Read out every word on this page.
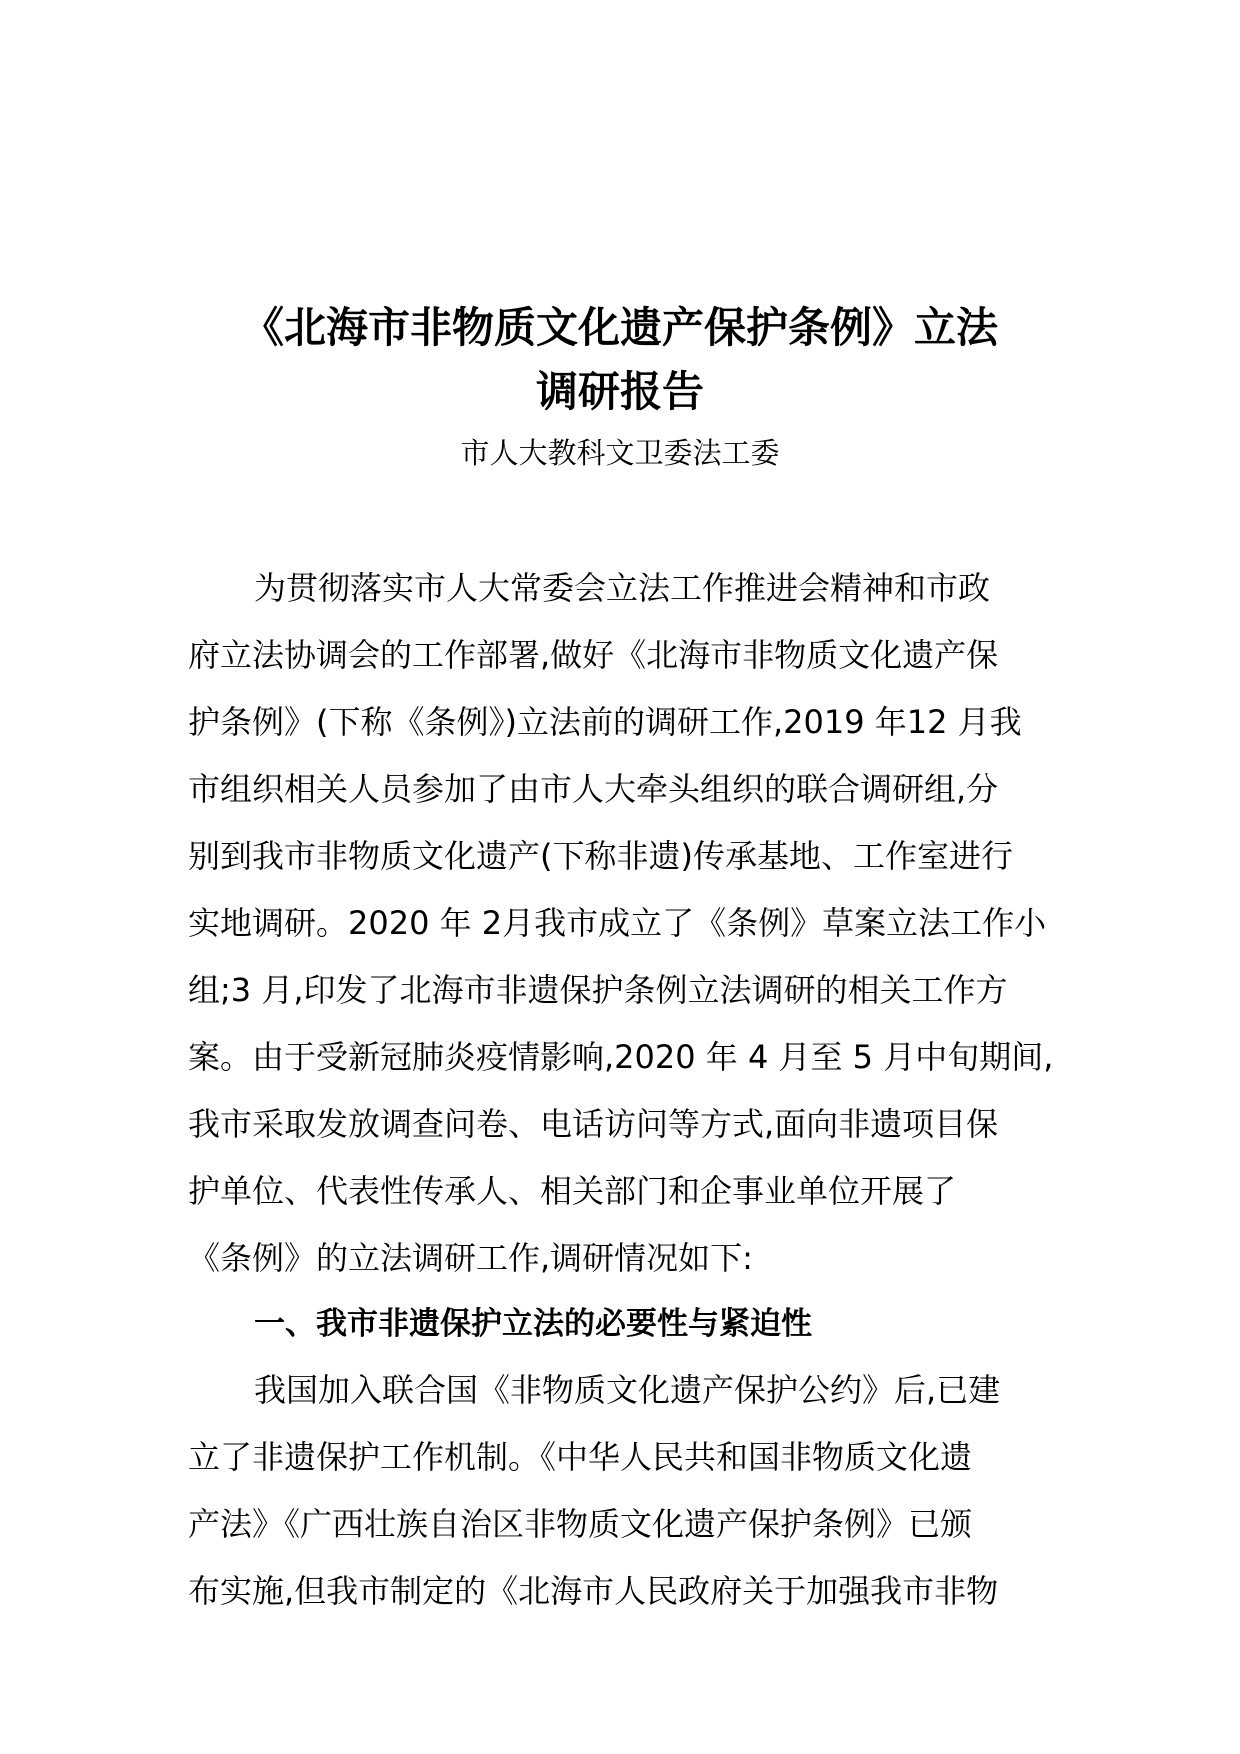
《北海市非物质文化遗产保护条例》立法
调研报告
市人大教科文卫委法工委
为贯彻落实市人大常委会立法工作推进会精神和市政
府立法协调会的工作部署,做好《北海市非物质文化遗产保
护条例》(下称《条例》)立法前的调研工作,2019 年12 月我
市组织相关人员参加了由市人大牵头组织的联合调研组,分
别到我市非物质文化遗产(下称非遗)传承基地、工作室进行
实地调研。2020 年 2月我市成立了《条例》草案立法工作小
组;3 月,印发了北海市非遗保护条例立法调研的相关工作方
案。由于受新冠肺炎疫情影响,2020 年 4 月至 5 月中旬期间,
我市采取发放调查问卷、电话访问等方式,面向非遗项目保
护单位、代表性传承人、相关部门和企事业单位开展了
《条例》的立法调研工作,调研情况如下:
一、我市非遗保护立法的必要性与紧迫性
我国加入联合国《非物质文化遗产保护公约》后,已建
立了非遗保护工作机制。《中华人民共和国非物质文化遗
产法》《广西壮族自治区非物质文化遗产保护条例》已颁
布实施,但我市制定的《北海市人民政府关于加强我市非物
